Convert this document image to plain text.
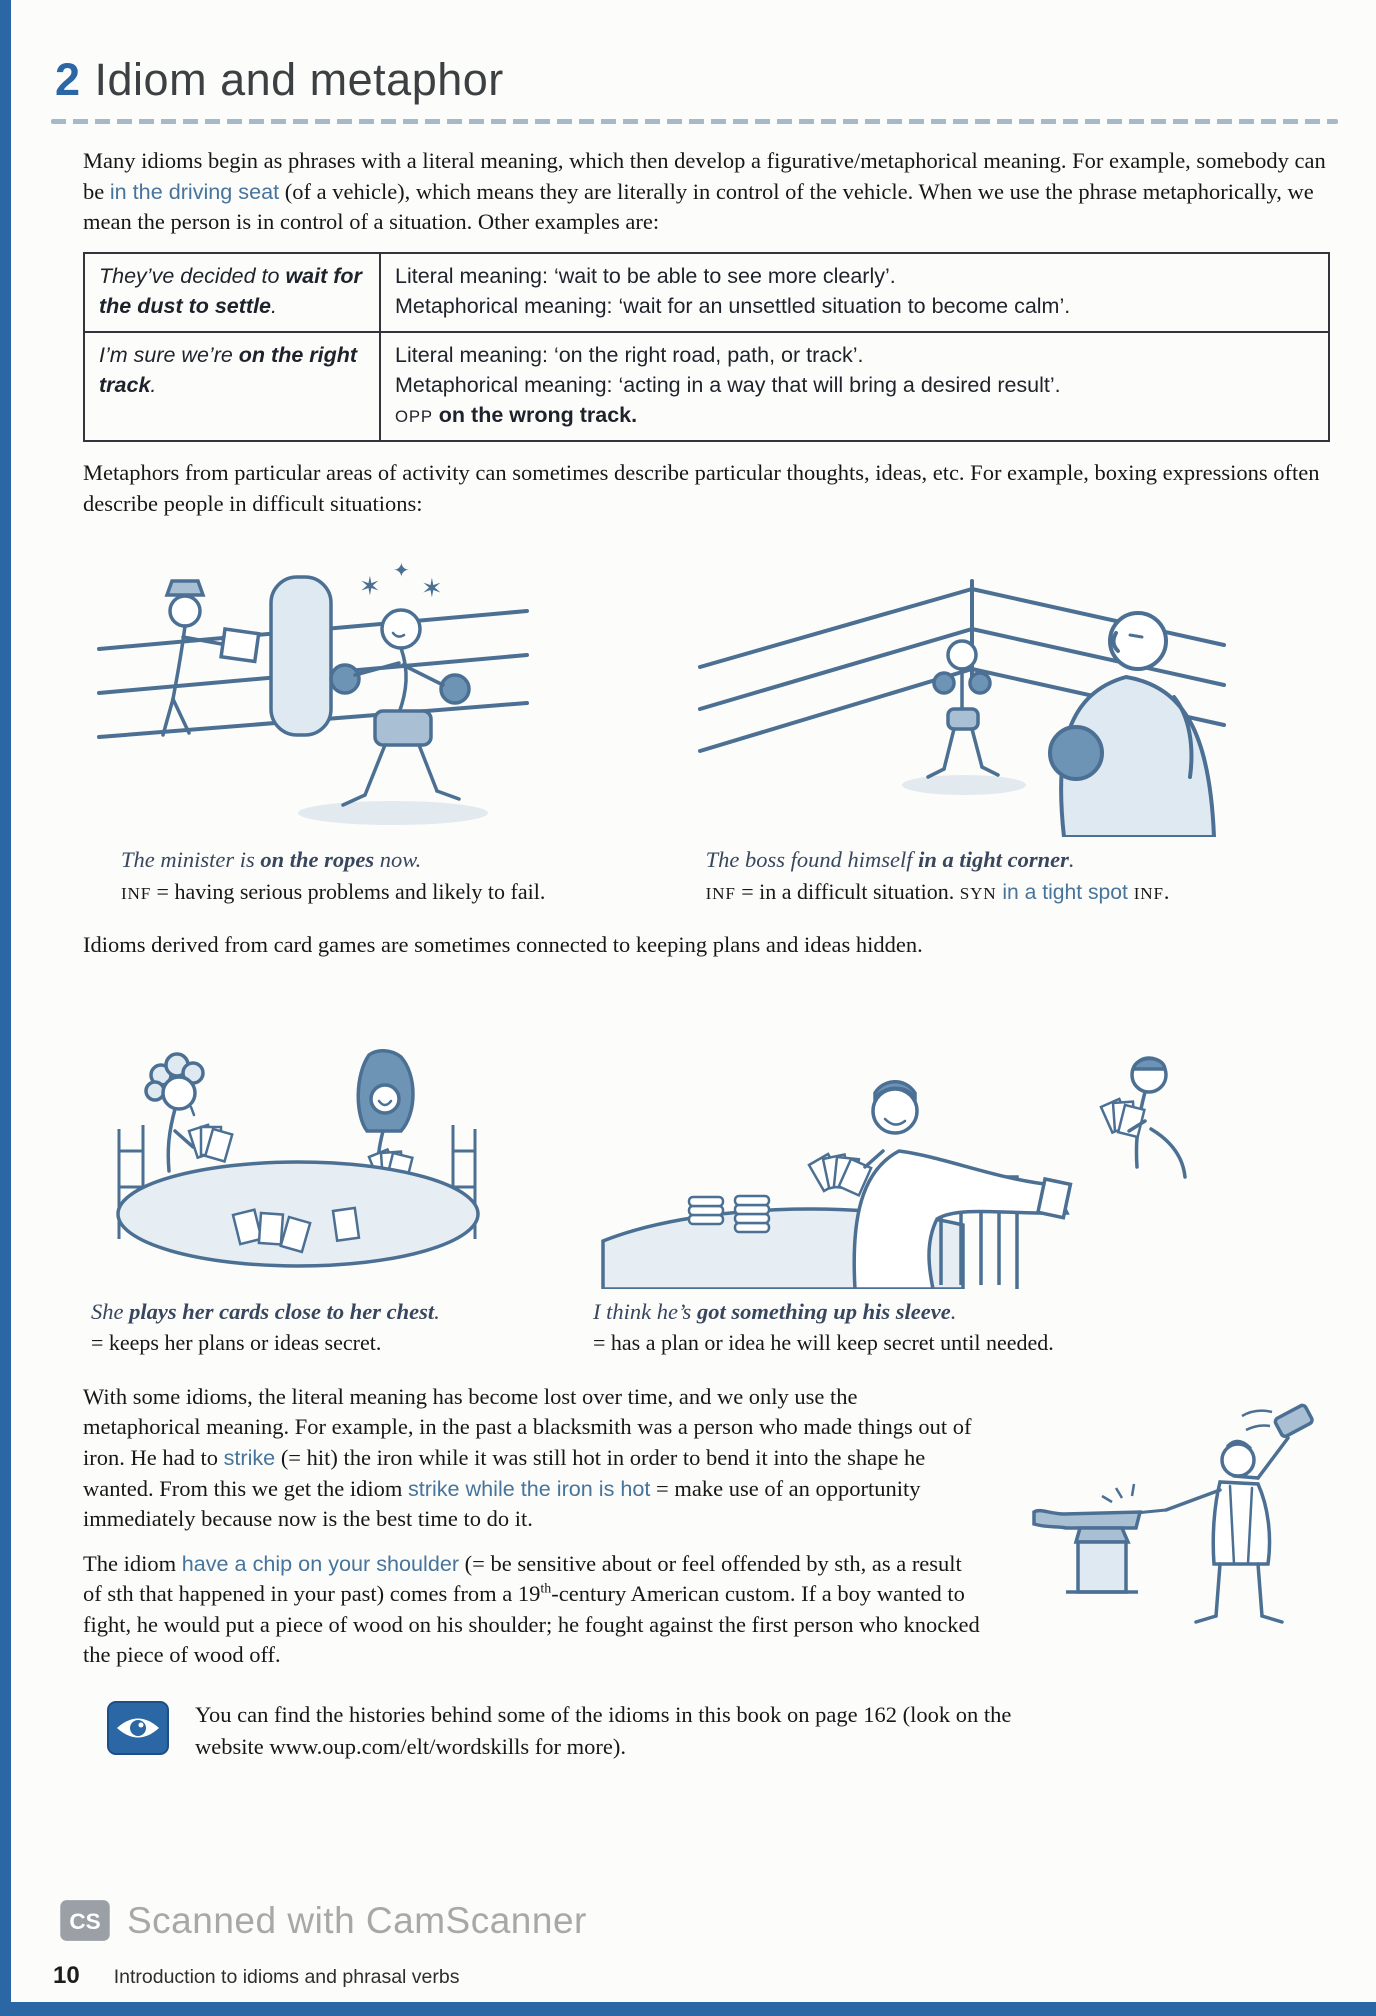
2 Idiom and metaphor

Many idioms begin as phrases with a literal meaning, which then develop a figurative/metaphorical meaning. For example, somebody can be in the driving seat (of a vehicle), which means they are literally in control of the vehicle. When we use the phrase metaphorically, we mean the person is in control of a situation. Other examples are:

They’ve decided to wait for the dust to settle.	Literal meaning: ‘wait to be able to see more clearly’.
Metaphorical meaning: ‘wait for an unsettled situation to become calm’.

I’m sure we’re on the right track.	Literal meaning: ‘on the right road, path, or track’.
Metaphorical meaning: ‘acting in a way that will bring a desired result’.
OPP on the wrong track.

Metaphors from particular areas of activity can sometimes describe particular thoughts, ideas, etc. For example, boxing expressions often describe people in difficult situations:

✶
✦
✶
The minister is on the ropes now.
INF = having serious problems and likely to fail.
The boss found himself in a tight corner.
INF = in a difficult situation. SYN in a tight spot INF.

Idioms derived from card games are sometimes connected to keeping plans and ideas hidden.

She plays her cards close to her chest.
= keeps her plans or ideas secret.
I think he’s got something up his sleeve.
= has a plan or idea he will keep secret until needed.

With some idioms, the literal meaning has become lost over time, and we only use the metaphorical meaning. For example, in the past a blacksmith was a person who made things out of iron. He had to strike (= hit) the iron while it was still hot in order to bend it into the shape he wanted. From this we get the idiom strike while the iron is hot = make use of an opportunity immediately because now is the best time to do it.

The idiom have a chip on your shoulder (= be sensitive about or feel offended by sth, as a result of sth that happened in your past) comes from a 19th-century American custom. If a boy wanted to fight, he would put a piece of wood on his shoulder; he fought against the first person who knocked the piece of wood off.

You can find the histories behind some of the idioms in this book on page 162 (look on the website www.oup.com/elt/wordskills for more).
CS Scanned with CamScanner
10 Introduction to idioms and phrasal verbs
